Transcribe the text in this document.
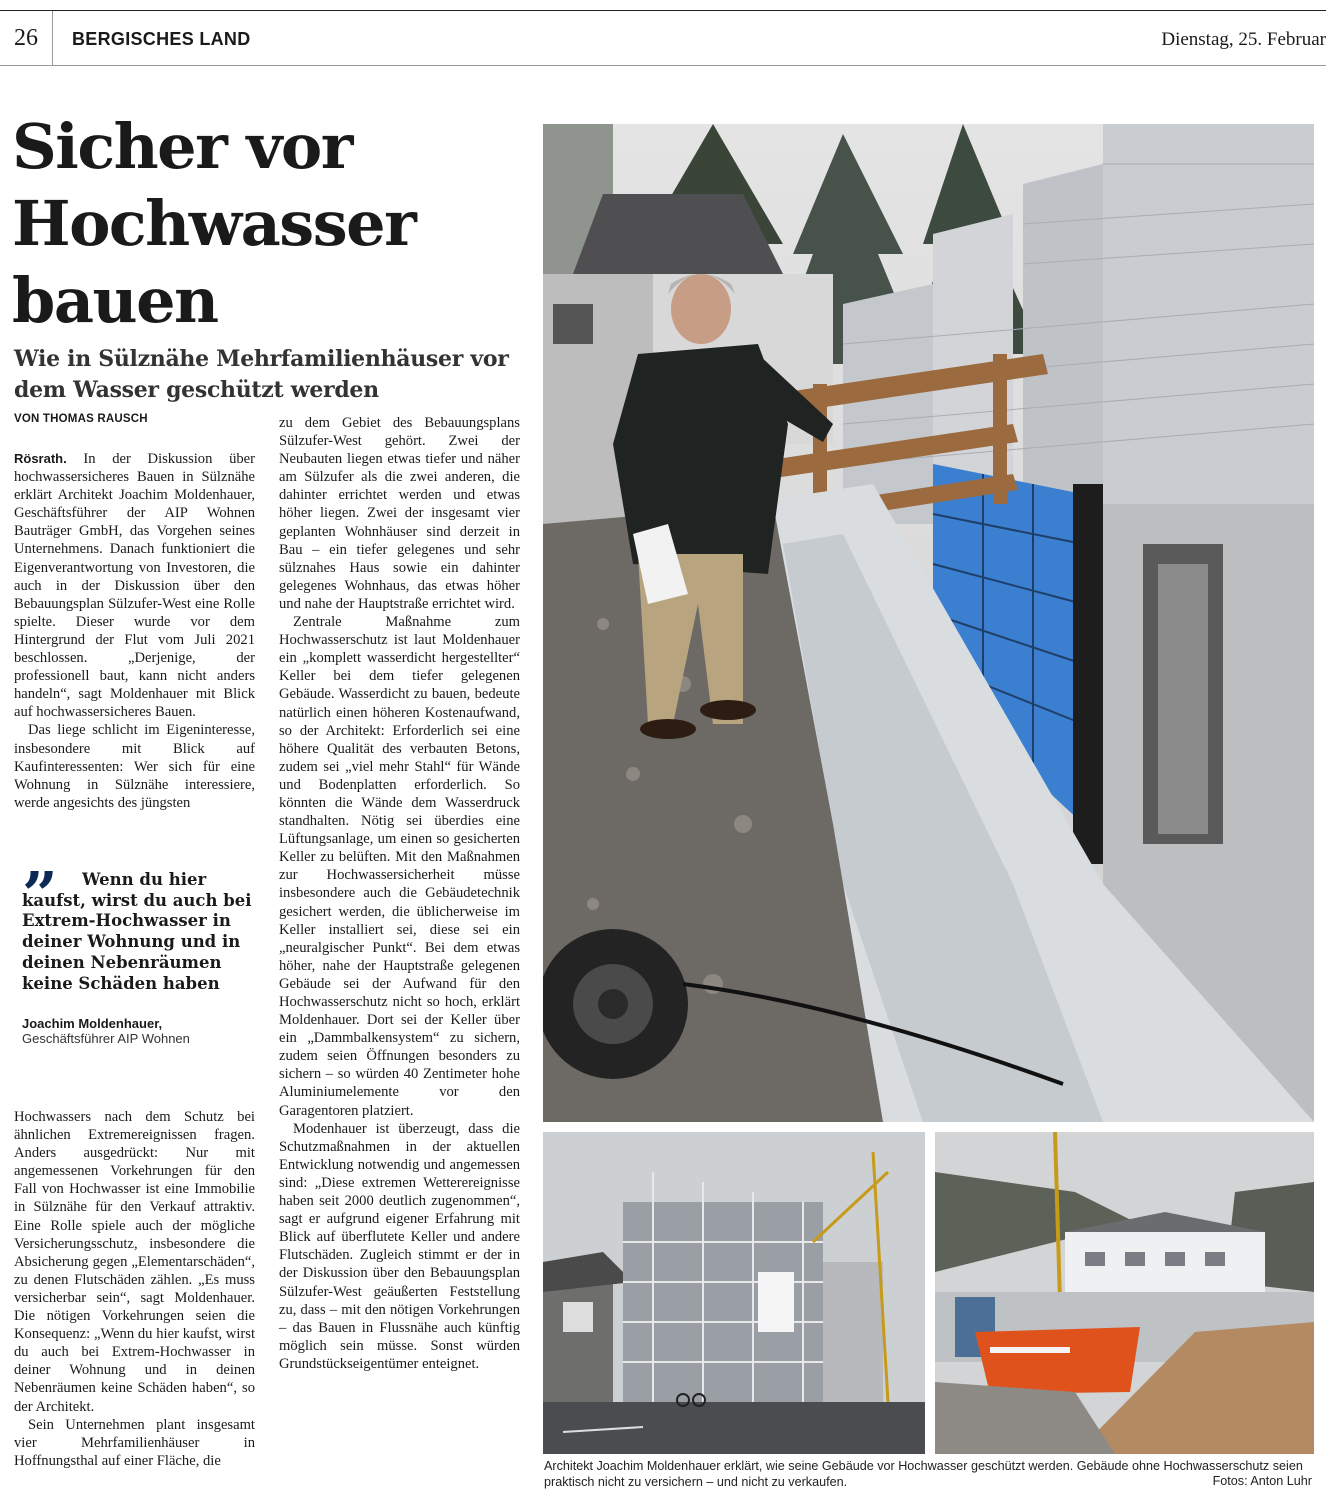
26 BERGISCHES LAND	Dienstag, 25. Februar
Sicher vor Hochwasser bauen
Wie in Sülznähe Mehrfamilienhäuser vor dem Wasser geschützt werden
VON THOMAS RAUSCH

Rösrath. In der Diskussion über hochwassersicheres Bauen in Sülznähe erklärt Architekt Joachim Moldenhauer, Geschäftsführer der AIP Wohnen Bauträger GmbH, das Vorgehen seines Unternehmens. Danach funktioniert die Eigenverantwortung von Investoren, die auch in der Diskussion über den Bebauungsplan Sülzufer-West eine Rolle spielte. Dieser wurde vor dem Hintergrund der Flut vom Juli 2021 beschlossen. „Derjenige, der professionell baut, kann nicht anders handeln“, sagt Moldenhauer mit Blick auf hochwassersicheres Bauen.

Das liege schlicht im Eigeninteresse, insbesondere mit Blick auf Kaufinteressenten: Wer sich für eine Wohnung in Sülznähe interessiere, werde angesichts des jüngsten

”	Wenn du hier kaufst, wirst du auch bei Extrem-Hochwasser in deiner Wohnung und in deinen Nebenräumen keine Schäden haben

Joachim Moldenhauer,
Geschäftsführer AIP Wohnen

Hochwassers nach dem Schutz bei ähnlichen Extremereignissen fragen. Anders ausgedrückt: Nur mit angemessenen Vorkehrungen für den Fall von Hochwasser ist eine Immobilie in Sülznähe für den Verkauf attraktiv. Eine Rolle spiele auch der mögliche Versicherungsschutz, insbesondere die Absicherung gegen „Elementarschäden“, zu denen Flutschäden zählen. „Es muss versicherbar sein“, sagt Moldenhauer. Die nötigen Vorkehrungen seien die Konsequenz: „Wenn du hier kaufst, wirst du auch bei Extrem-Hochwasser in deiner Wohnung und in deinen Nebenräumen keine Schäden haben“, so der Architekt.

Sein Unternehmen plant insgesamt vier Mehrfamilienhäuser in Hoffnungsthal auf einer Fläche, die

zu dem Gebiet des Bebauungsplans Sülzufer-West gehört. Zwei der Neubauten liegen etwas tiefer und näher am Sülzufer als die zwei anderen, die dahinter errichtet werden und etwas höher liegen. Zwei der insgesamt vier geplanten Wohnhäuser sind derzeit in Bau – ein tiefer gelegenes und sehr sülznahes Haus sowie ein dahinter gelegenes Wohnhaus, das etwas höher und nahe der Hauptstraße errichtet wird.

Zentrale Maßnahme zum Hochwasserschutz ist laut Moldenhauer ein „komplett wasserdicht hergestellter“ Keller bei dem tiefer gelegenen Gebäude. Wasserdicht zu bauen, bedeute natürlich einen höheren Kostenaufwand, so der Architekt: Erforderlich sei eine höhere Qualität des verbauten Betons, zudem sei „viel mehr Stahl“ für Wände und Bodenplatten erforderlich. So könnten die Wände dem Wasserdruck standhalten. Nötig sei überdies eine Lüftungsanlage, um einen so gesicherten Keller zu belüften. Mit den Maßnahmen zur Hochwassersicherheit müsse insbesondere auch die Gebäudetechnik gesichert werden, die üblicherweise im Keller installiert sei, diese sei ein „neuralgischer Punkt“. Bei dem etwas höher, nahe der Hauptstraße gelegenen Gebäude sei der Aufwand für den Hochwasserschutz nicht so hoch, erklärt Moldenhauer. Dort sei der Keller über ein „Dammbalkensystem“ zu sichern, zudem seien Öffnungen besonders zu sichern – so würden 40 Zentimeter hohe Aluminiumelemente vor den Garagentoren platziert.

Modenhauer ist überzeugt, dass die Schutzmaßnahmen in der aktuellen Entwicklung notwendig und angemessen sind: „Diese extremen Wetterereignisse haben seit 2000 deutlich zugenommen“, sagt er aufgrund eigener Erfahrung mit Blick auf überflutete Keller und andere Flutschäden. Zugleich stimmt er der in der Diskussion über den Bebauungsplan Sülzufer-West geäußerten Feststellung zu, dass – mit den nötigen Vorkehrungen – das Bauen in Flussnähe auch künftig möglich sein müsse. Sonst würden Grundstückseigentümer enteignet.

Architekt Joachim Moldenhauer erklärt, wie seine Gebäude vor Hochwasser geschützt werden. Gebäude ohne Hochwasserschutz seien praktisch nicht zu versichern – und nicht zu verkaufen.	Fotos: Anton Luhr
